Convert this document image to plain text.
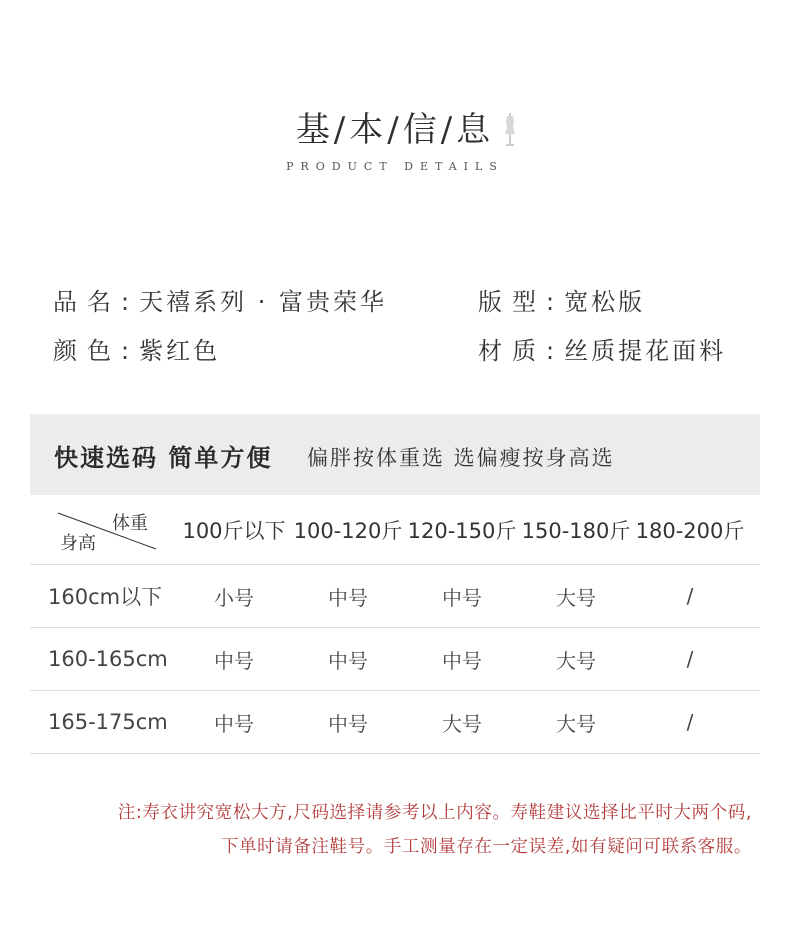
基/本/信/息
PRODUCT DETAILS
品名:天禧系列 · 富贵荣华	版型:宽松版
颜色:紫红色	材质:丝质提花面料
快速选码 简单方便 偏胖按体重选 选偏瘦按身高选
体重
身高
100斤以下 100-120斤 120-150斤 150-180斤 180-200斤
160cm以下	小号	中号	中号	大号	/
160-165cm	中号	中号	中号	大号	/
165-175cm	中号	中号	大号	大号	/
注:寿衣讲究宽松大方,尺码选择请参考以上内容。寿鞋建议选择比平时大两个码,
下单时请备注鞋号。手工测量存在一定误差,如有疑问可联系客服。
